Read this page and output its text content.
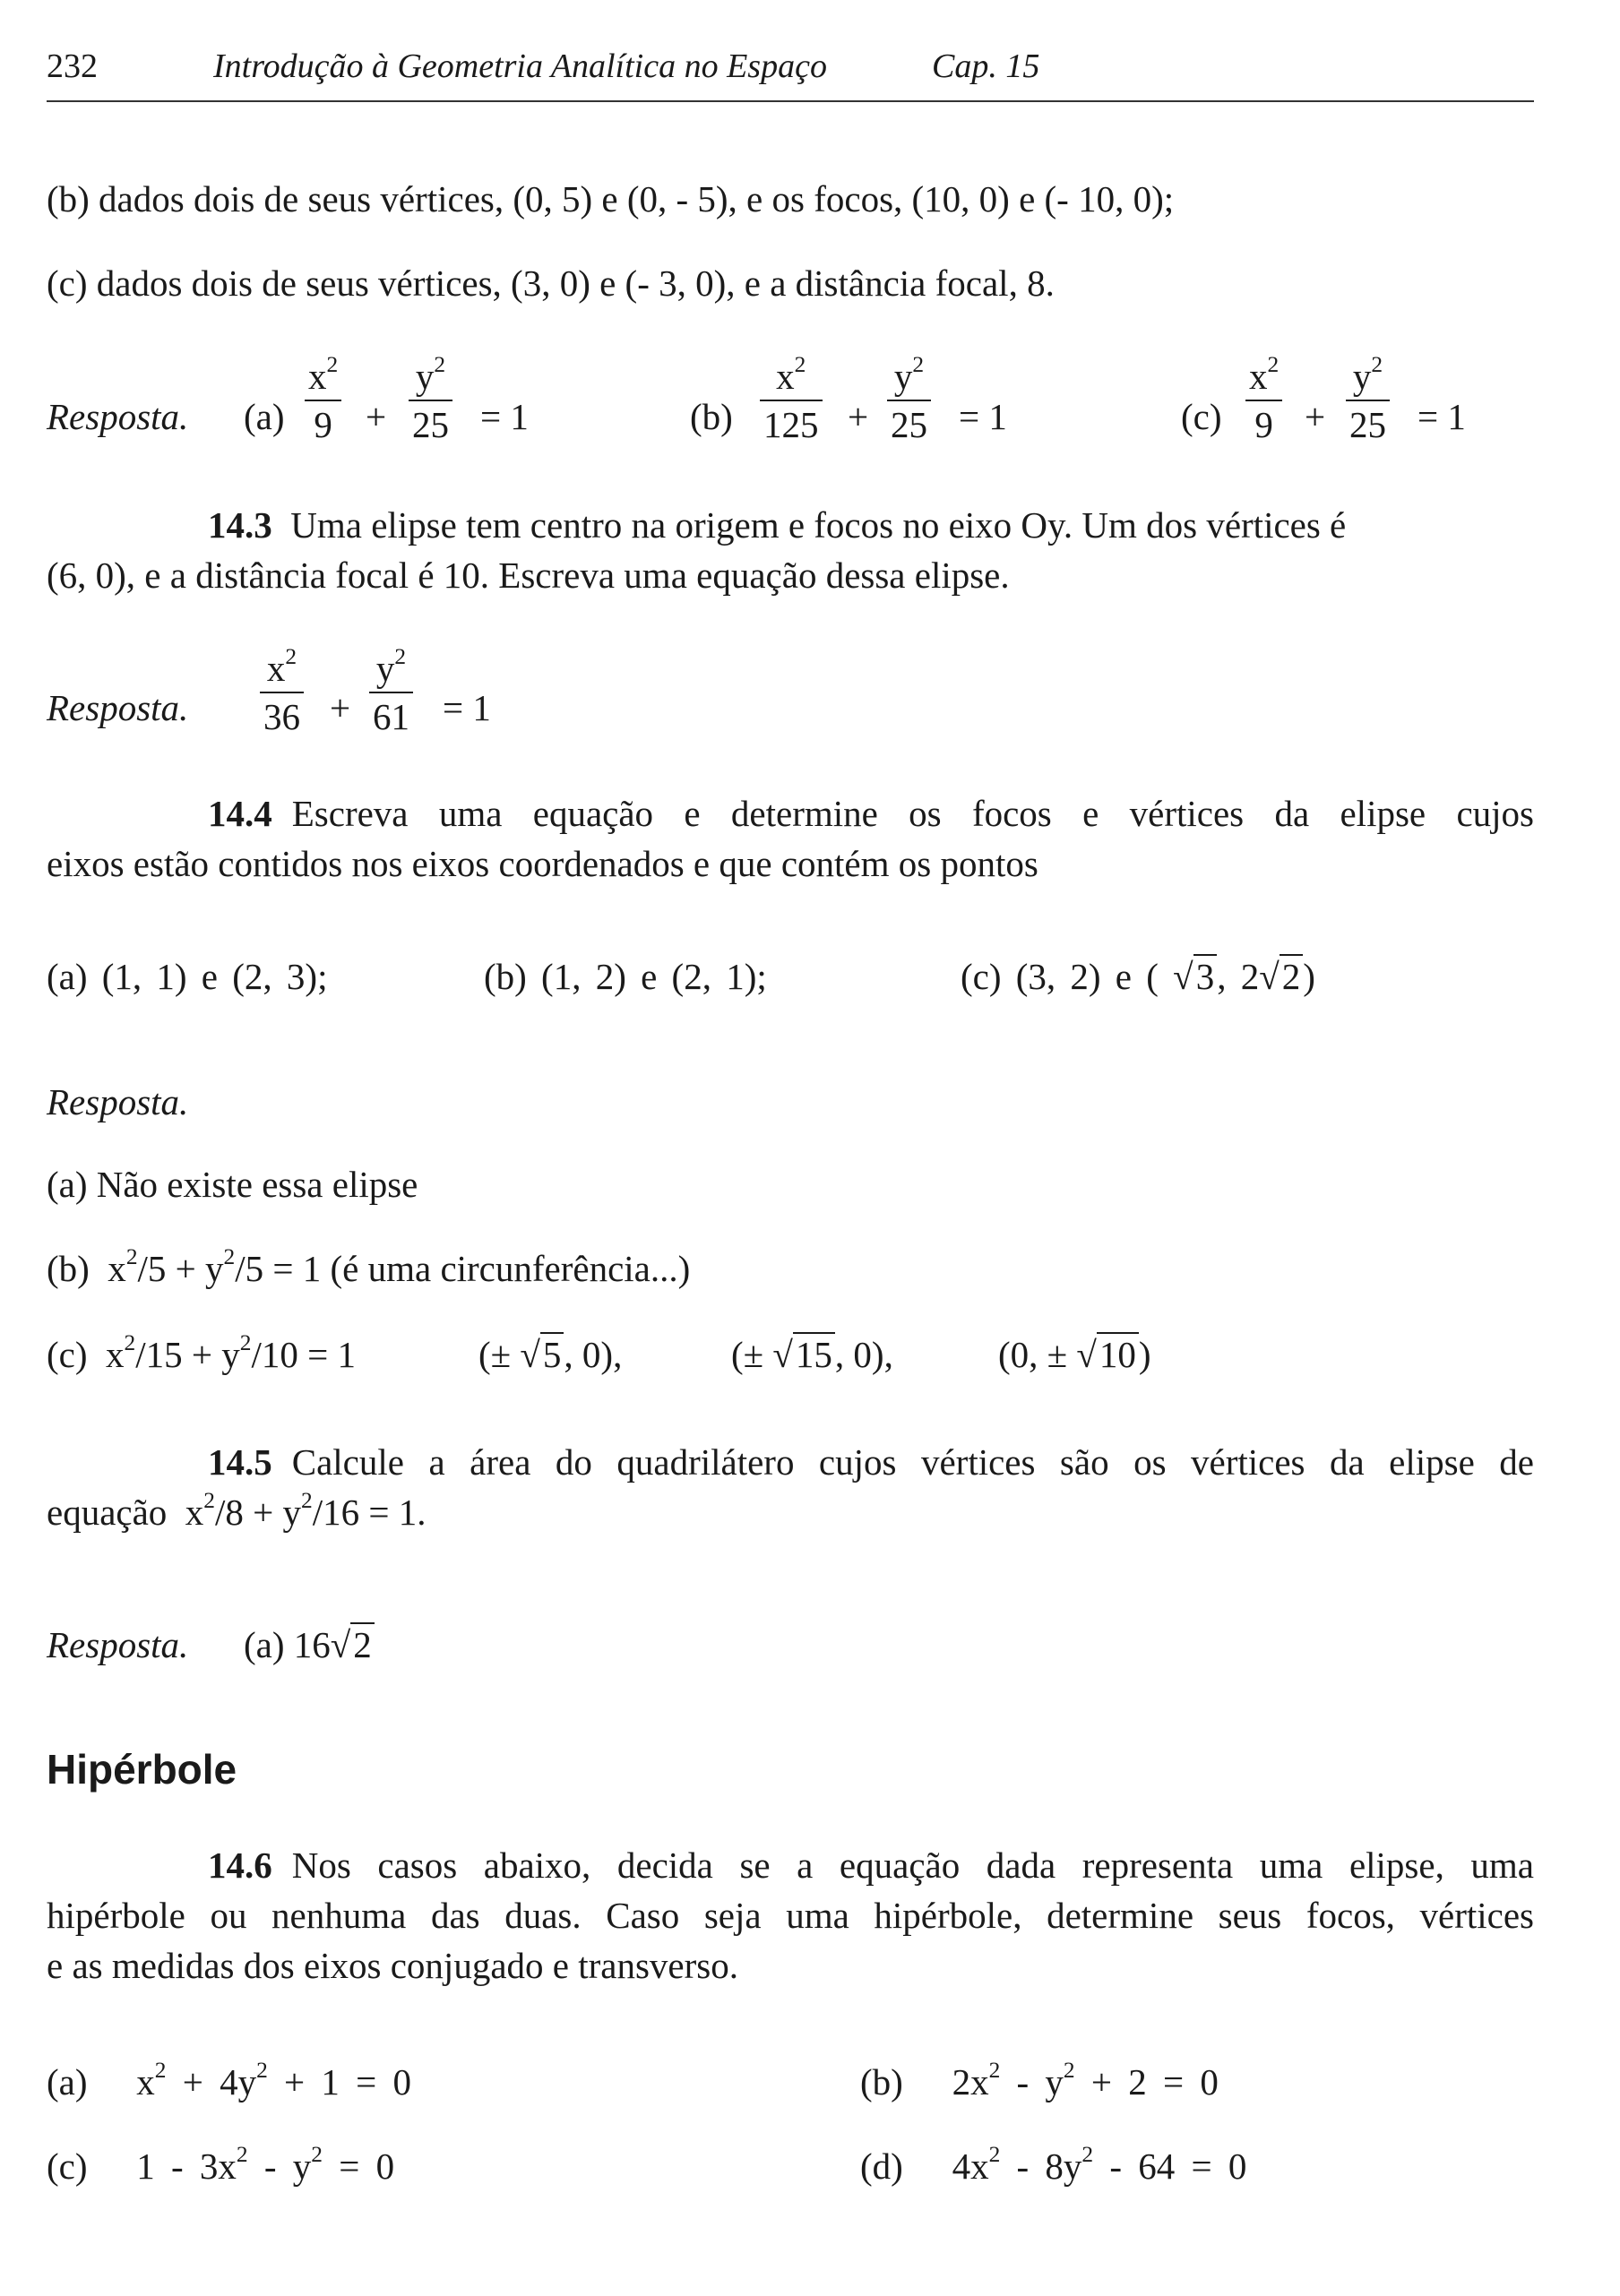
232	Introdução à Geometria Analítica no Espaço	Cap. 15
(b) dados dois de seus vértices, (0, 5) e (0, - 5), e os focos, (10, 0) e (- 10, 0);
(c) dados dois de seus vértices, (3, 0) e (- 3, 0), e a distância focal, 8.
Resposta. (a)
$x^2$
9 +
$y^2$
25 = 1	(b)
$x^2$
125 +
$y^2$
25 = 1	(c)
$x^2$
9 +
$y^2$
25 = 1
14.3 Uma elipse tem centro na origem e focos no eixo Oy. Um dos vértices é
(6, 0), e a distância focal é 10. Escreva uma equação dessa elipse.
Resposta.
$x^2$
36 +
$y^2$
61 = 1
14.4 Escreva uma equação e determine os focos e vértices da elipse cujos
eixos estão contidos nos eixos coordenados e que contém os pontos
(a) (1, 1) e (2, 3);	(b) (1, 2) e (2, 1);	(c) (3, 2) e ( √3, 2√2)
Resposta.
(a) Não existe essa elipse
(b)  $x^2/5 + y^2/5 = 1$ (é uma circunferência...)
(c)  $x^2/15 + y^2/10 = 1$	(± √5, 0),	(± √15, 0),	(0, ± √10)
14.5 Calcule a área do quadrilátero cujos vértices são os vértices da elipse de
equação  $x^2/8 + y^2/16 = 1$.
Resposta. (a) 16√2
Hipérbole
14.6 Nos casos abaixo, decida se a equação dada representa uma elipse, uma
hipérbole ou nenhuma das duas. Caso seja uma hipérbole, determine seus focos, vértices
e as medidas dos eixos conjugado e transverso.
(a)   $x^2 + 4y^2 + 1 = 0$	(b)   $2x^2 - y^2 + 2 = 0$
(c)   $1 - 3x^2 - y^2 = 0$	(d)   $4x^2 - 8y^2 - 64 = 0$
